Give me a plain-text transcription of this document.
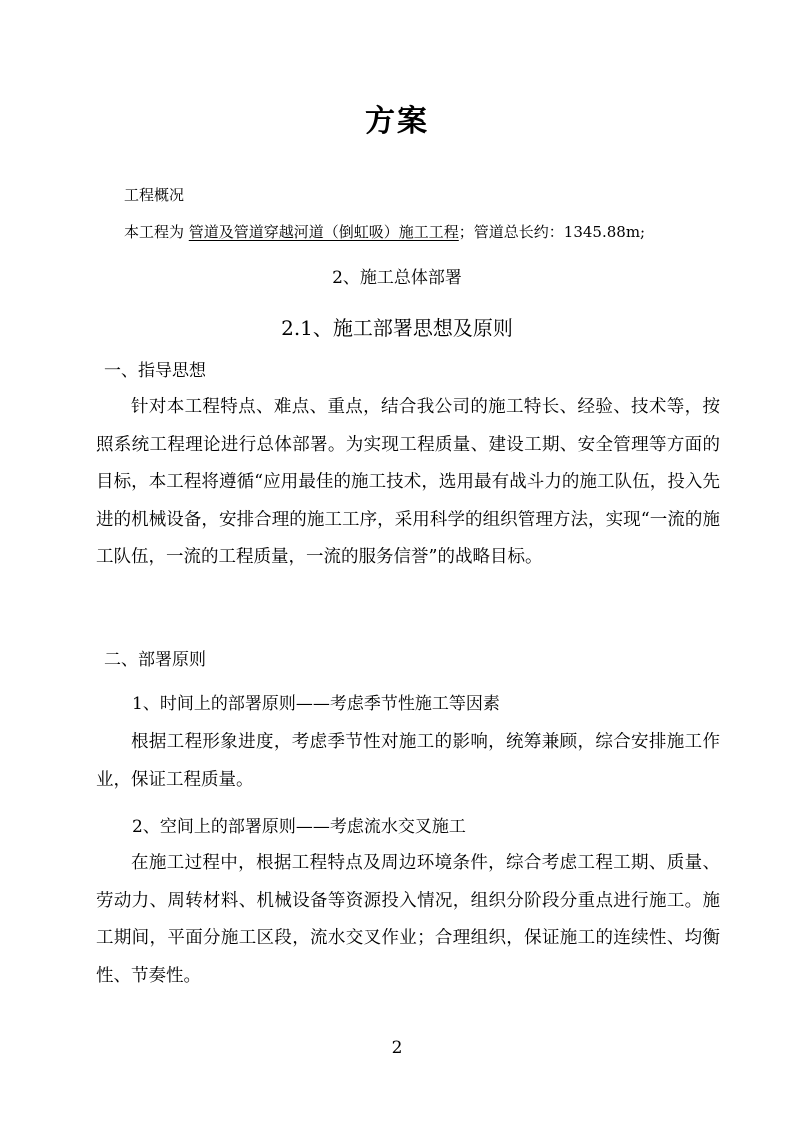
方案
工程概况
本工程为 管道及管道穿越河道（倒虹吸）施工工程；管道总长约：1345.88m;
2、施工总体部署
2.1、施工部署思想及原则
一、指导思想
针对本工程特点、难点、重点，结合我公司的施工特长、经验、技术等，按照系统工程理论进行总体部署。为实现工程质量、建设工期、安全管理等方面的目标，本工程将遵循“应用最佳的施工技术，选用最有战斗力的施工队伍，投入先进的机械设备，安排合理的施工工序，采用科学的组织管理方法，实现“一流的施工队伍，一流的工程质量，一流的服务信誉”的战略目标。
二、部署原则
1、时间上的部署原则——考虑季节性施工等因素
根据工程形象进度，考虑季节性对施工的影响，统筹兼顾，综合安排施工作业，保证工程质量。
2、空间上的部署原则——考虑流水交叉施工
在施工过程中，根据工程特点及周边环境条件，综合考虑工程工期、质量、劳动力、周转材料、机械设备等资源投入情况，组织分阶段分重点进行施工。施工期间，平面分施工区段，流水交叉作业；合理组织，保证施工的连续性、均衡性、节奏性。
2
